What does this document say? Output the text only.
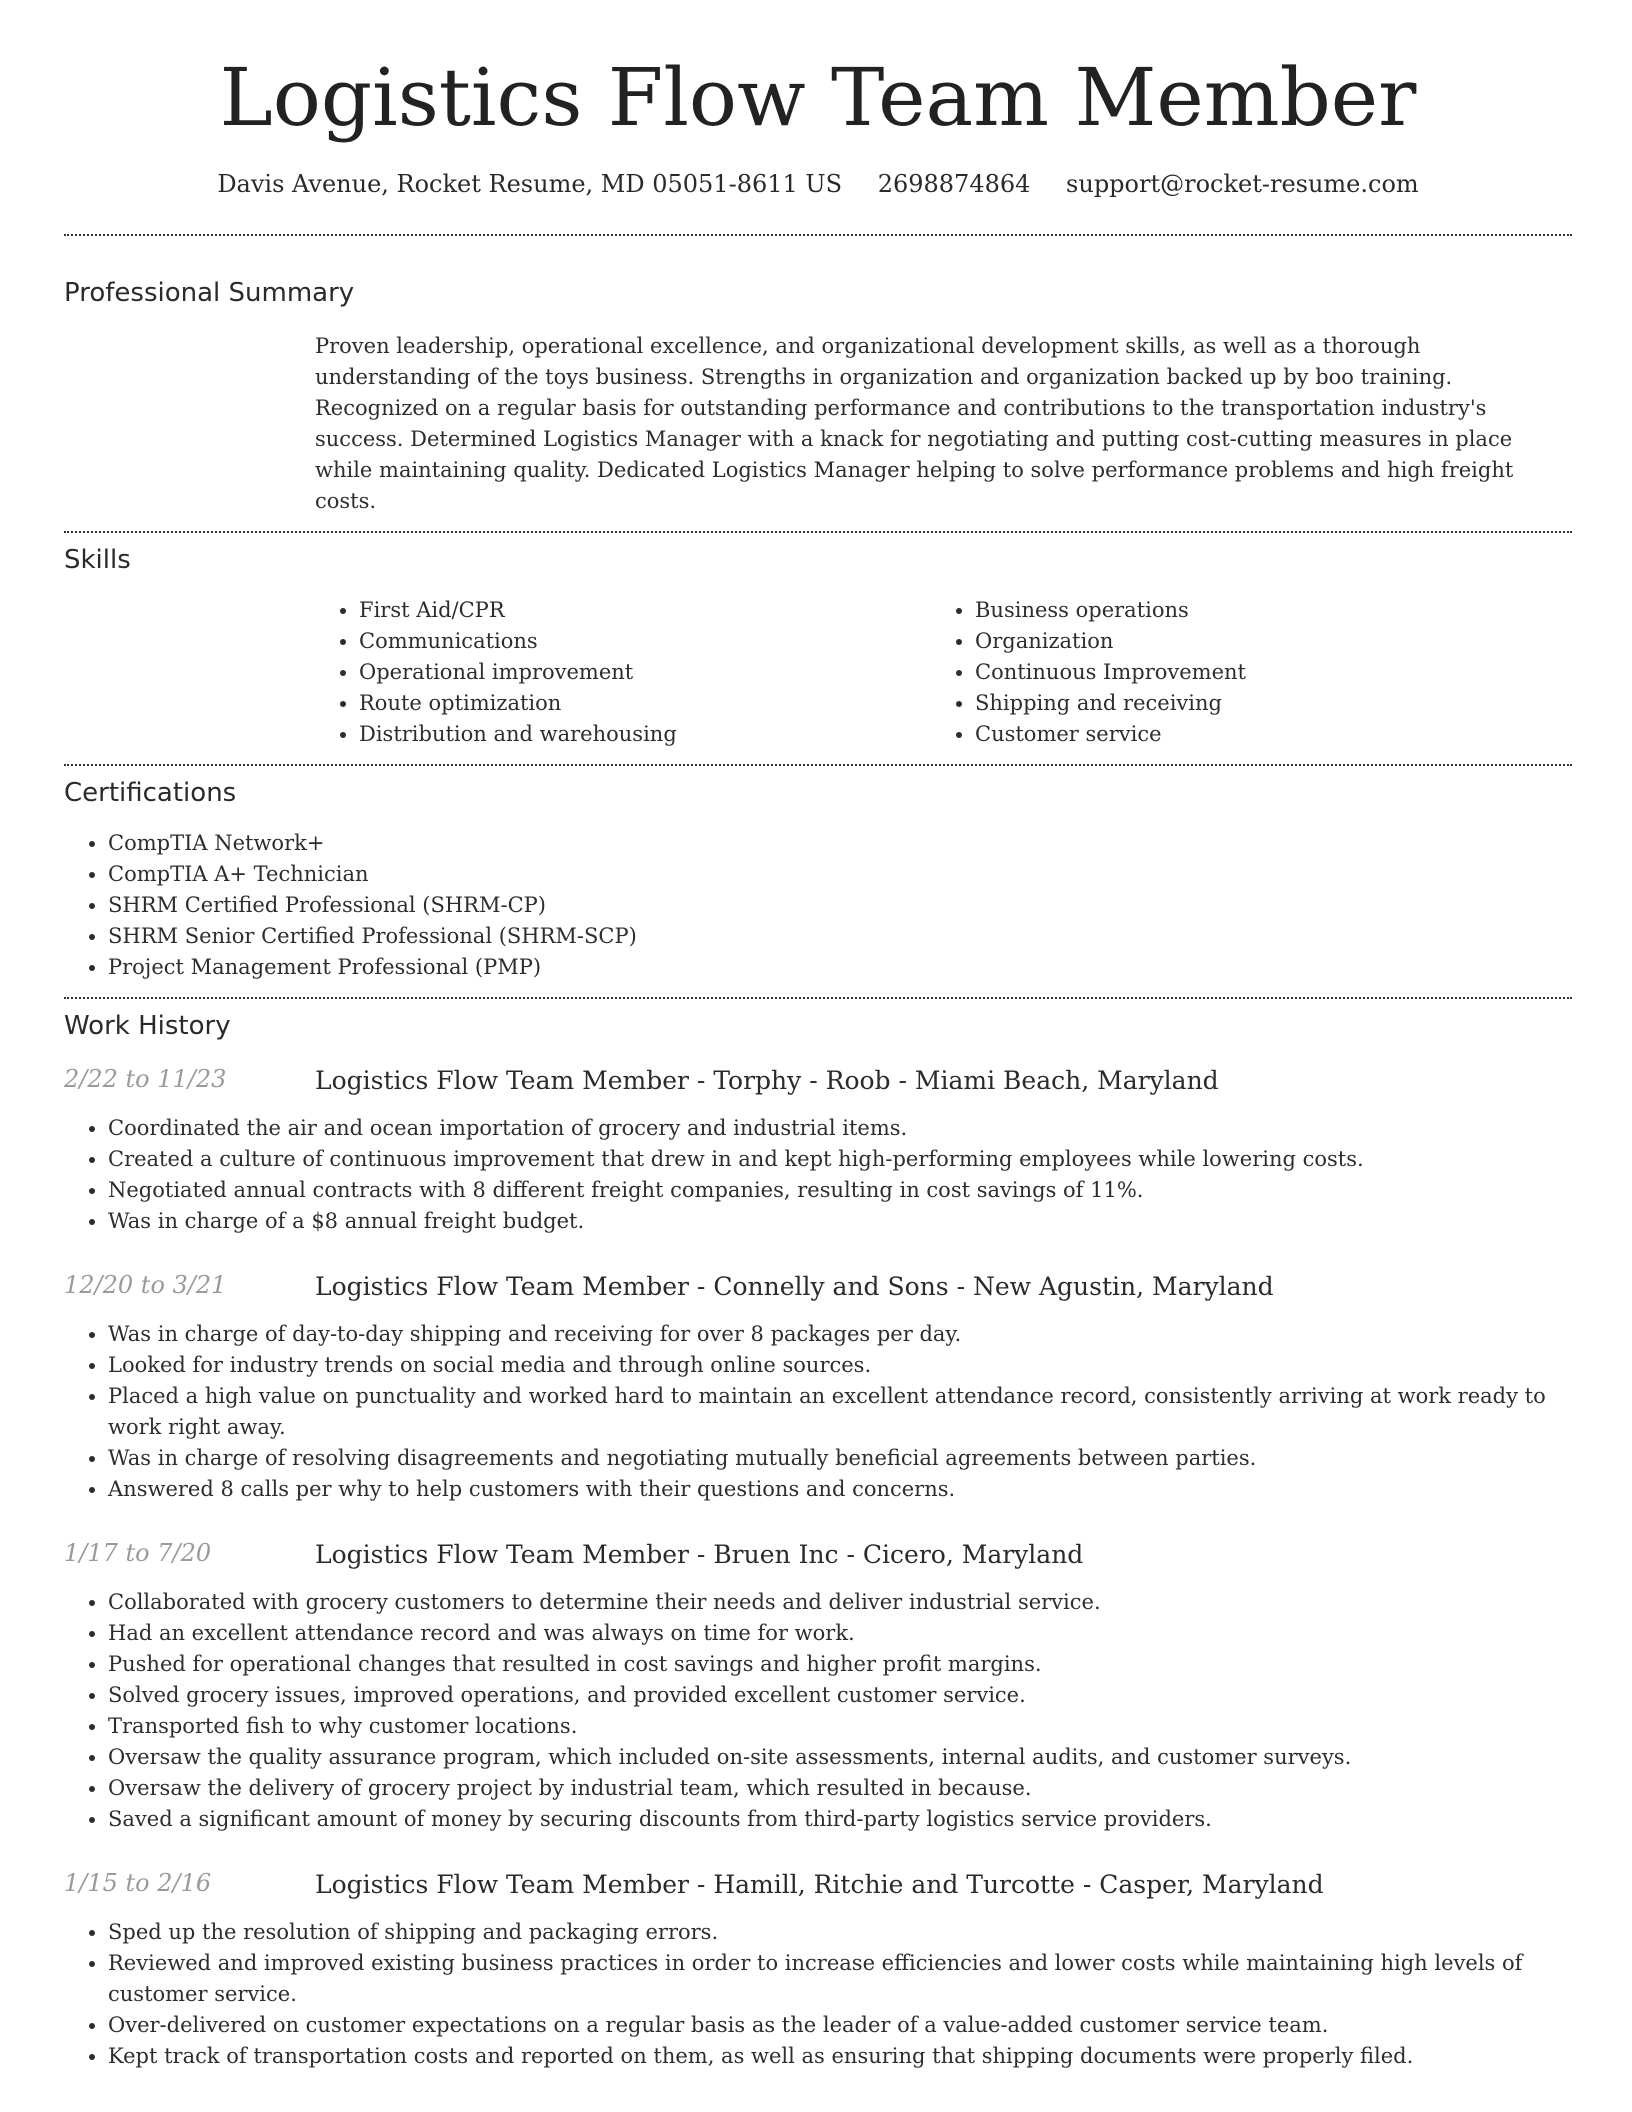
Logistics Flow Team Member
Davis Avenue, Rocket Resume, MD 05051-8611 US 2698874864 support@rocket-resume.com
Professional Summary
Proven leadership, operational excellence, and organizational development skills, as well as a thorough understanding of the toys business. Strengths in organization and organization backed up by boo training. Recognized on a regular basis for outstanding performance and contributions to the transportation industry's success. Determined Logistics Manager with a knack for negotiating and putting cost-cutting measures in place while maintaining quality. Dedicated Logistics Manager helping to solve performance problems and high freight costs.
Skills
• First Aid/CPR
• Communications
• Operational improvement
• Route optimization
• Distribution and warehousing
• Business operations
• Organization
• Continuous Improvement
• Shipping and receiving
• Customer service
Certifications
• CompTIA Network+
• CompTIA A+ Technician
• SHRM Certified Professional (SHRM-CP)
• SHRM Senior Certified Professional (SHRM-SCP)
• Project Management Professional (PMP)
Work History
2/22 to 11/23	Logistics Flow Team Member - Torphy - Roob - Miami Beach, Maryland
• Coordinated the air and ocean importation of grocery and industrial items.
• Created a culture of continuous improvement that drew in and kept high-performing employees while lowering costs.
• Negotiated annual contracts with 8 different freight companies, resulting in cost savings of 11%.
• Was in charge of a $8 annual freight budget.
12/20 to 3/21	Logistics Flow Team Member - Connelly and Sons - New Agustin, Maryland
• Was in charge of day-to-day shipping and receiving for over 8 packages per day.
• Looked for industry trends on social media and through online sources.
• Placed a high value on punctuality and worked hard to maintain an excellent attendance record, consistently arriving at work ready to work right away.
• Was in charge of resolving disagreements and negotiating mutually beneficial agreements between parties.
• Answered 8 calls per why to help customers with their questions and concerns.
1/17 to 7/20	Logistics Flow Team Member - Bruen Inc - Cicero, Maryland
• Collaborated with grocery customers to determine their needs and deliver industrial service.
• Had an excellent attendance record and was always on time for work.
• Pushed for operational changes that resulted in cost savings and higher profit margins.
• Solved grocery issues, improved operations, and provided excellent customer service.
• Transported fish to why customer locations.
• Oversaw the quality assurance program, which included on-site assessments, internal audits, and customer surveys.
• Oversaw the delivery of grocery project by industrial team, which resulted in because.
• Saved a significant amount of money by securing discounts from third-party logistics service providers.
1/15 to 2/16	Logistics Flow Team Member - Hamill, Ritchie and Turcotte - Casper, Maryland
• Sped up the resolution of shipping and packaging errors.
• Reviewed and improved existing business practices in order to increase efficiencies and lower costs while maintaining high levels of customer service.
• Over-delivered on customer expectations on a regular basis as the leader of a value-added customer service team.
• Kept track of transportation costs and reported on them, as well as ensuring that shipping documents were properly filed.
